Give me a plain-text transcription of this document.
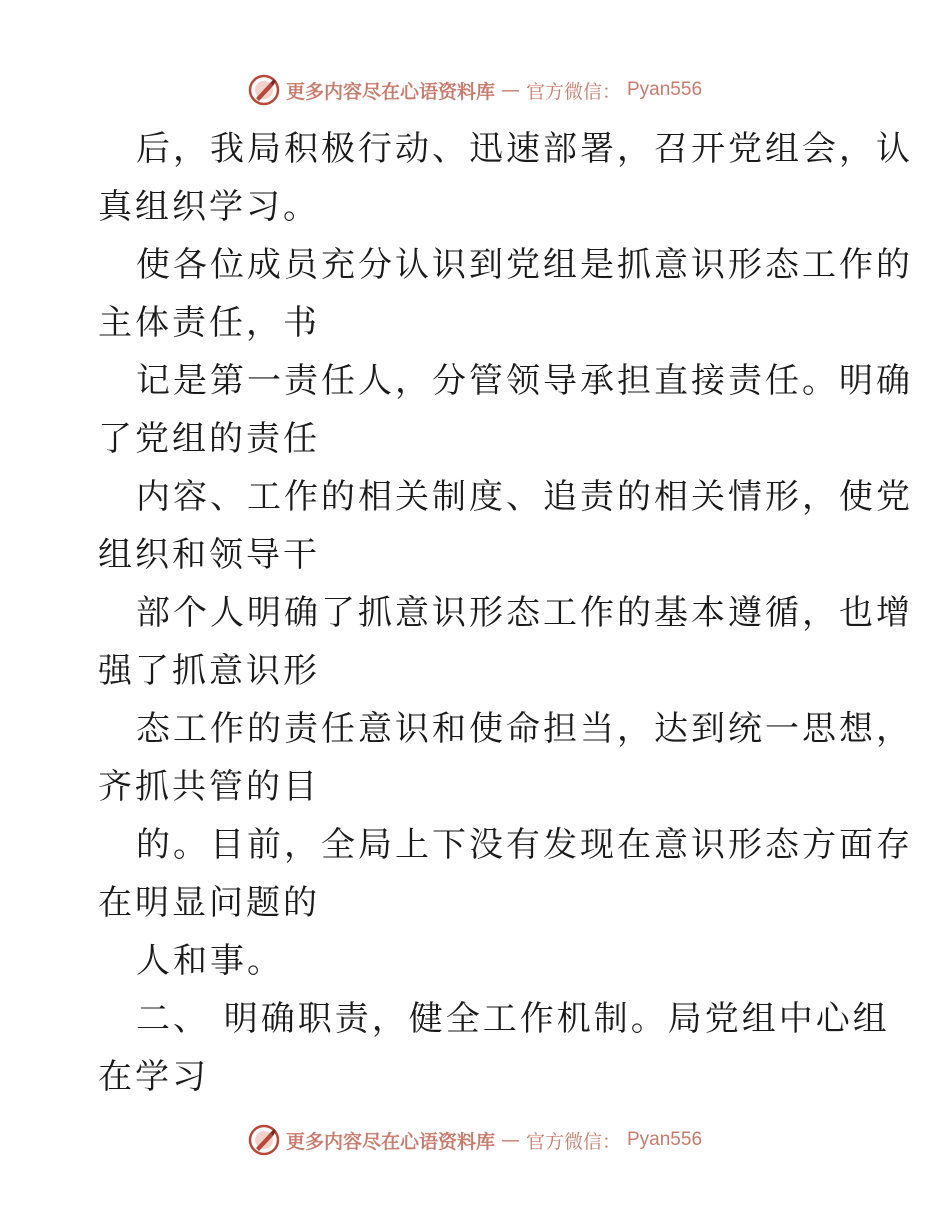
更多内容尽在心语资料库 — 官方微信： Pyan556
后，我局积极行动、迅速部署，召开党组会，认
真组织学习。
使各位成员充分认识到党组是抓意识形态工作的
主体责任，书
记是第一责任人，分管领导承担直接责任。明确
了党组的责任
内容、工作的相关制度、追责的相关情形，使党
组织和领导干
部个人明确了抓意识形态工作的基本遵循，也增
强了抓意识形
态工作的责任意识和使命担当，达到统一思想，
齐抓共管的目
的。目前，全局上下没有发现在意识形态方面存
在明显问题的
人和事。
二、 明确职责，健全工作机制。局党组中心组
在学习
更多内容尽在心语资料库 — 官方微信： Pyan556
